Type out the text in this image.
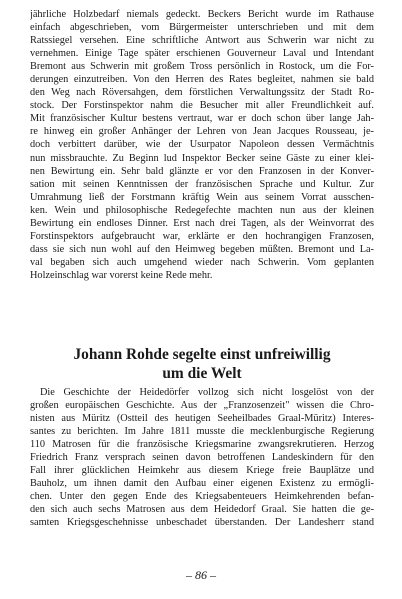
jährliche Holzbedarf niemals gedeckt. Beckers Bericht wurde im Rathause
einfach abgeschrieben, vom Bürgermeister unterschrieben und mit dem
Ratssiegel versehen. Eine schriftliche Antwort aus Schwerin war nicht zu
vernehmen. Einige Tage später erschienen Gouverneur Laval und Intendant
Bremont aus Schwerin mit großem Tross persönlich in Rostock, um die For-
derungen einzutreiben. Von den Herren des Rates begleitet, nahmen sie bald
den Weg nach Röversahgen, dem förstlichen Verwaltungssitz der Stadt Ro-
stock. Der Forstinspektor nahm die Besucher mit aller Freundlichkeit auf.
Mit französischer Kultur bestens vertraut, war er doch schon über lange Jah-
re hinweg ein großer Anhänger der Lehren von Jean Jacques Rousseau, je-
doch verbittert darüber, wie der Usurpator Napoleon dessen Vermächtnis
nun missbrauchte. Zu Beginn lud Inspektor Becker seine Gäste zu einer klei-
nen Bewirtung ein. Sehr bald glänzte er vor den Franzosen in der Konver-
sation mit seinen Kenntnissen der französischen Sprache und Kultur. Zur
Umrahmung ließ der Forstmann kräftig Wein aus seinem Vorrat ausschen-
ken. Wein und philosophische Redegefechte machten nun aus der kleinen
Bewirtung ein endloses Dinner. Erst nach drei Tagen, als der Weinvorrat des
Forstinspektors aufgebraucht war, erklärte er den hochrangigen Franzosen,
dass sie sich nun wohl auf den Heimweg begeben müßten. Bremont und La-
val begaben sich auch umgehend wieder nach Schwerin. Vom geplanten
Holzeinschlag war vorerst keine Rede mehr.
Johann Rohde segelte einst unfreiwillig
um die Welt
Die Geschichte der Heidedörfer vollzog sich nicht losgelöst von der
großen europäischen Geschichte. Aus der „Franzosenzeit" wissen die Chro-
nisten aus Müritz (Ostteil des heutigen Seeheilbades Graal-Müritz) Interes-
santes zu berichten. Im Jahre 1811 musste die mecklenburgische Regierung
110 Matrosen für die französische Kriegsmarine zwangsrekrutieren. Herzog
Friedrich Franz versprach seinen davon betroffenen Landeskindern für den
Fall ihrer glücklichen Heimkehr aus diesem Kriege freie Bauplätze und
Bauholz, um ihnen damit den Aufbau einer eigenen Existenz zu ermögli-
chen. Unter den gegen Ende des Kriegsabenteuers Heimkehrenden befan-
den sich auch sechs Matrosen aus dem Heidedorf Graal. Sie hatten die ge-
samten Kriegsgeschehnisse unbeschadet überstanden. Der Landesherr stand

– 86 –
